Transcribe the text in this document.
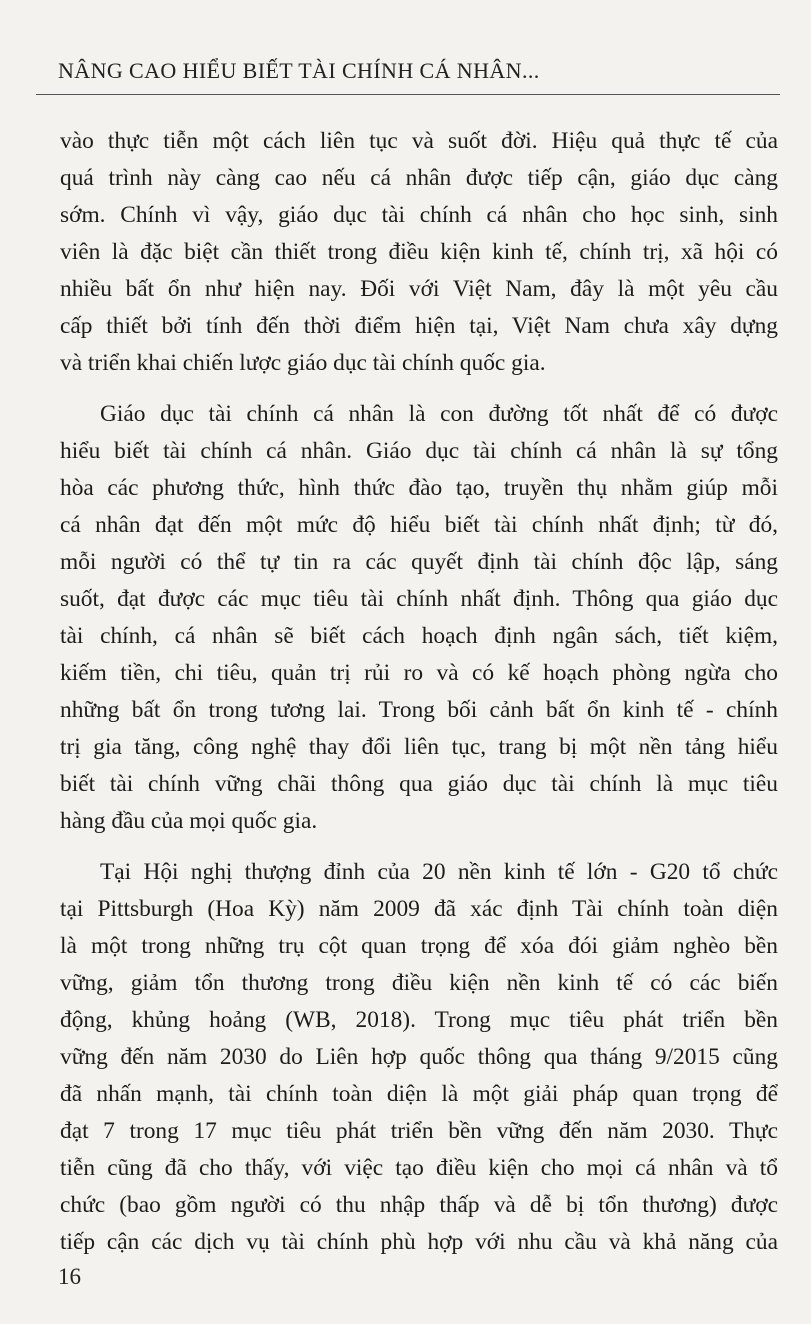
NÂNG CAO HIỂU BIẾT TÀI CHÍNH CÁ NHÂN...
vào thực tiễn một cách liên tục và suốt đời. Hiệu quả thực tế của
quá trình này càng cao nếu cá nhân được tiếp cận, giáo dục càng
sớm. Chính vì vậy, giáo dục tài chính cá nhân cho học sinh, sinh
viên là đặc biệt cần thiết trong điều kiện kinh tế, chính trị, xã hội có
nhiều bất ổn như hiện nay. Đối với Việt Nam, đây là một yêu cầu
cấp thiết bởi tính đến thời điểm hiện tại, Việt Nam chưa xây dựng
và triển khai chiến lược giáo dục tài chính quốc gia.
Giáo dục tài chính cá nhân là con đường tốt nhất để có được
hiểu biết tài chính cá nhân. Giáo dục tài chính cá nhân là sự tổng
hòa các phương thức, hình thức đào tạo, truyền thụ nhằm giúp mỗi
cá nhân đạt đến một mức độ hiểu biết tài chính nhất định; từ đó,
mỗi người có thể tự tin ra các quyết định tài chính độc lập, sáng
suốt, đạt được các mục tiêu tài chính nhất định. Thông qua giáo dục
tài chính, cá nhân sẽ biết cách hoạch định ngân sách, tiết kiệm,
kiếm tiền, chi tiêu, quản trị rủi ro và có kế hoạch phòng ngừa cho
những bất ổn trong tương lai. Trong bối cảnh bất ổn kinh tế - chính
trị gia tăng, công nghệ thay đổi liên tục, trang bị một nền tảng hiểu
biết tài chính vững chãi thông qua giáo dục tài chính là mục tiêu
hàng đầu của mọi quốc gia.
Tại Hội nghị thượng đỉnh của 20 nền kinh tế lớn - G20 tổ chức
tại Pittsburgh (Hoa Kỳ) năm 2009 đã xác định Tài chính toàn diện
là một trong những trụ cột quan trọng để xóa đói giảm nghèo bền
vững, giảm tổn thương trong điều kiện nền kinh tế có các biến
động, khủng hoảng (WB, 2018). Trong mục tiêu phát triển bền
vững đến năm 2030 do Liên hợp quốc thông qua tháng 9/2015 cũng
đã nhấn mạnh, tài chính toàn diện là một giải pháp quan trọng để
đạt 7 trong 17 mục tiêu phát triển bền vững đến năm 2030. Thực
tiễn cũng đã cho thấy, với việc tạo điều kiện cho mọi cá nhân và tổ
chức (bao gồm người có thu nhập thấp và dễ bị tổn thương) được
tiếp cận các dịch vụ tài chính phù hợp với nhu cầu và khả năng của
16
